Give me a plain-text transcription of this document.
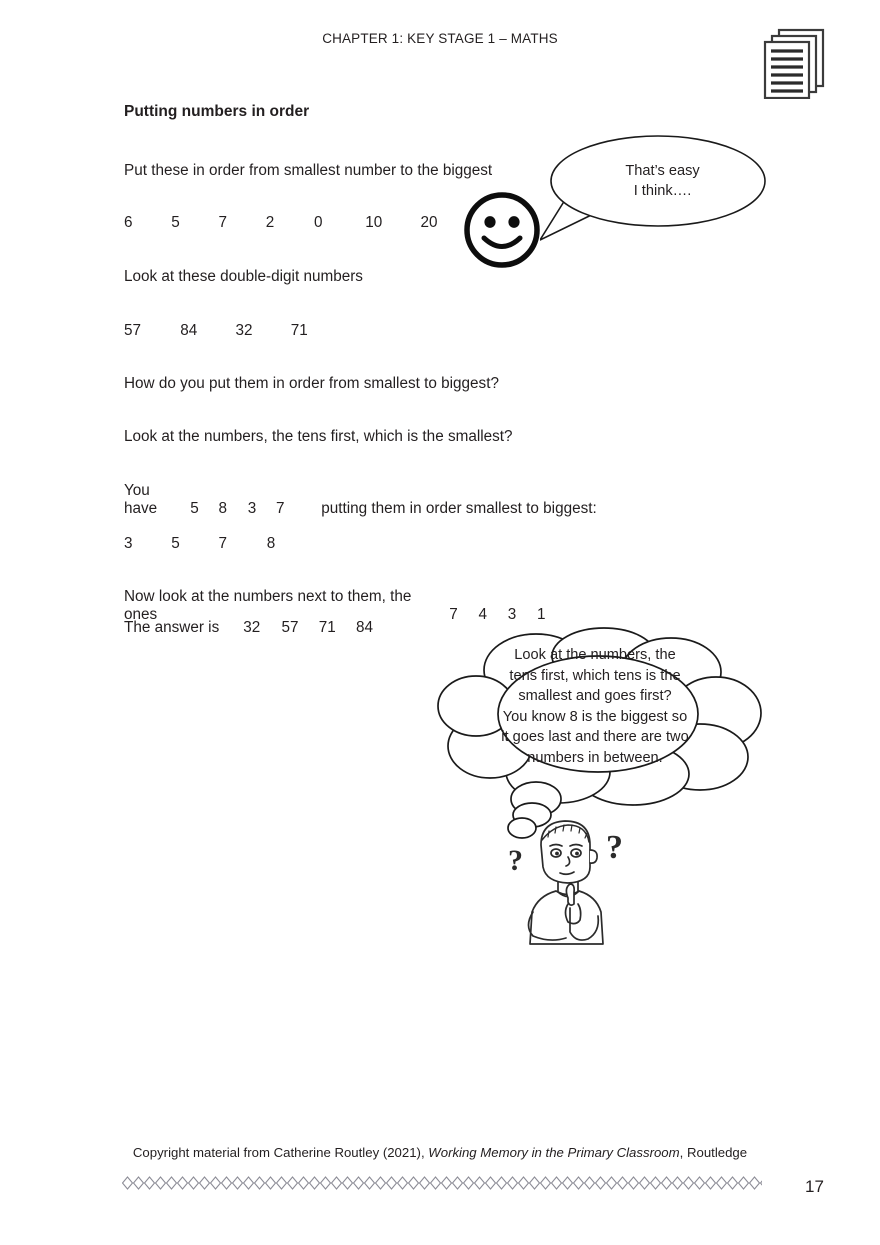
CHAPTER 1: KEY STAGE 1 – MATHS
Putting numbers in order
Put these in order from smallest number to the biggest
6	5	7	2	0	10 20
Look at these double-digit numbers
57	84 32 71
How do you put them in order from smallest to biggest?
Look at the numbers, the tens first, which is the smallest?
You have 5 8 3 7 putting them in order smallest to biggest:
3	5	7	8
Now look at the numbers next to them, the ones	7 4 3 1
The answer is 32 57 71 84
That’s easy
I think….
Look at the numbers, the
tens first, which tens is the
smallest and goes first?
You know 8 is the biggest so
it goes last and there are two
numbers in between.
? ?
Copyright material from Catherine Routley (2021), Working Memory in the Primary Classroom, Routledge
17
